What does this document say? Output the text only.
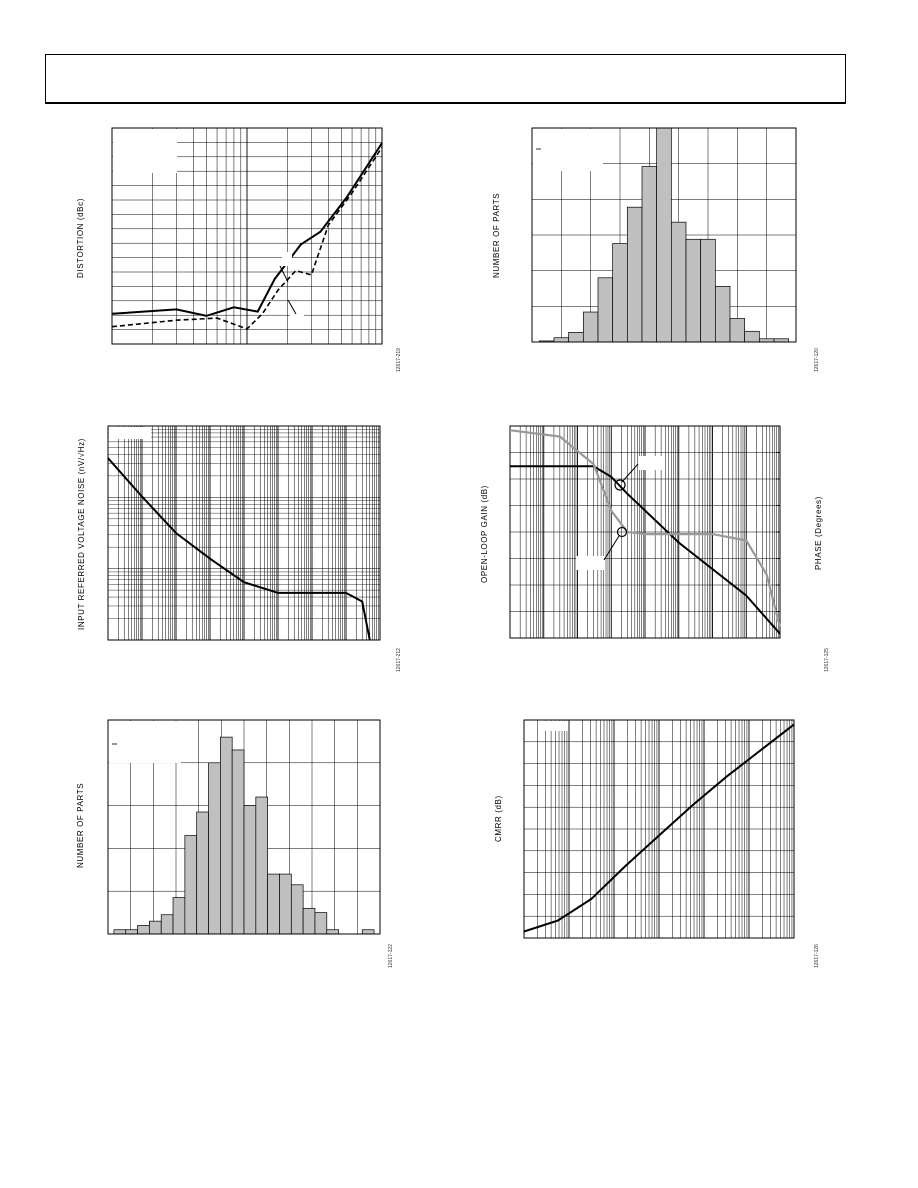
DISTORTION (dBc)
12617-219
NUMBER OF PARTS
12617-120
INPUT REFERRED VOLTAGE NOISE (nV/√Hz)
12617-212
OPEN-LOOP GAIN (dB)	PHASE (Degrees)
12617-125
NUMBER OF PARTS
12617-122
CMRR (dB)
12617-126
